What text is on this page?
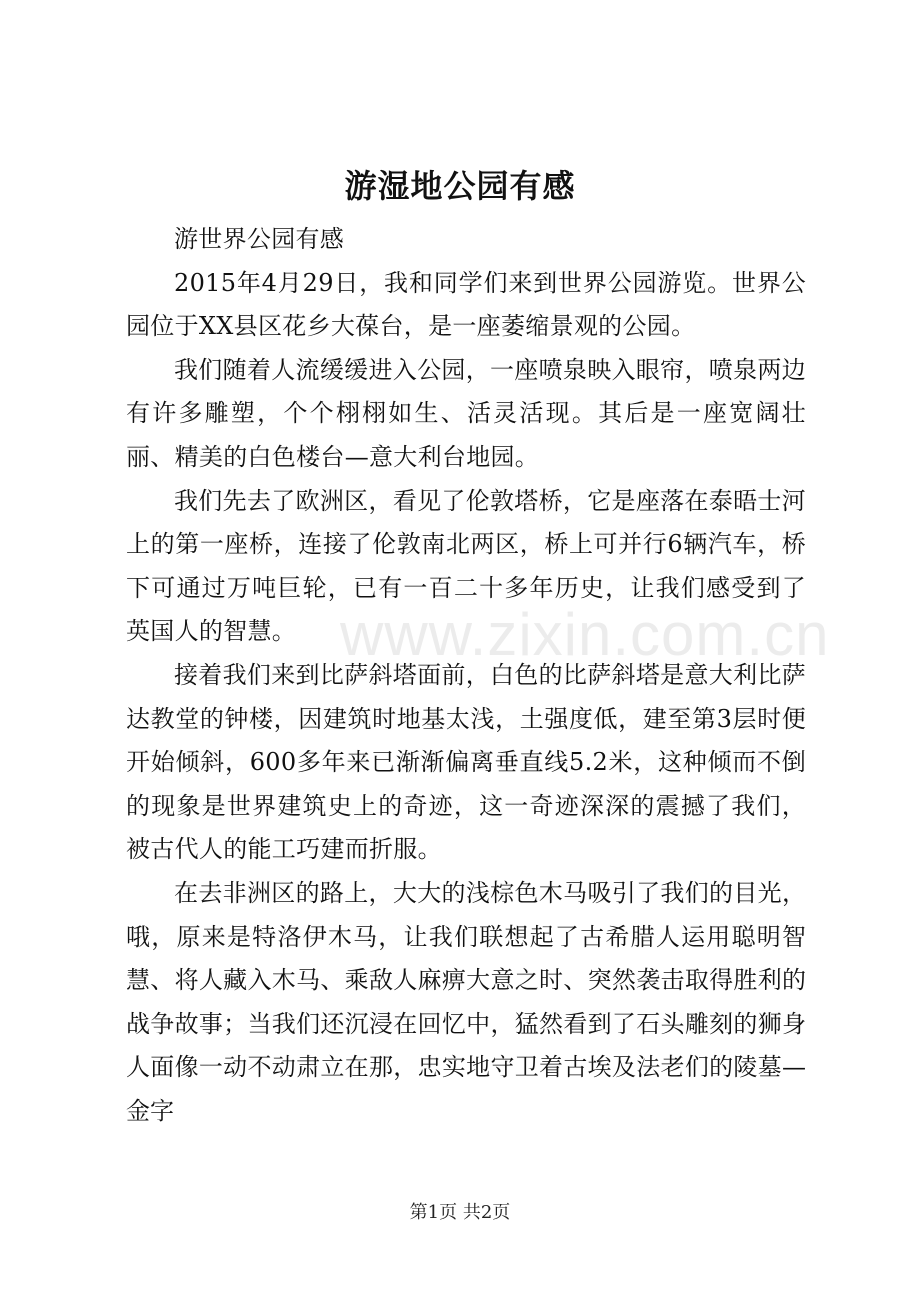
游湿地公园有感

游世界公园有感

2015年4月29日，我和同学们来到世界公园游览。世界公园位于XX县区花乡大葆台，是一座萎缩景观的公园。

我们随着人流缓缓进入公园，一座喷泉映入眼帘，喷泉两边有许多雕塑，个个栩栩如生、活灵活现。其后是一座宽阔壮丽、精美的白色楼台—意大利台地园。

我们先去了欧洲区，看见了伦敦塔桥，它是座落在泰晤士河上的第一座桥，连接了伦敦南北两区，桥上可并行6辆汽车，桥下可通过万吨巨轮，已有一百二十多年历史，让我们感受到了英国人的智慧。

接着我们来到比萨斜塔面前，白色的比萨斜塔是意大利比萨达教堂的钟楼，因建筑时地基太浅，土强度低，建至第3层时便开始倾斜，600多年来已渐渐偏离垂直线5.2米，这种倾而不倒的现象是世界建筑史上的奇迹，这一奇迹深深的震撼了我们，被古代人的能工巧建而折服。

在去非洲区的路上，大大的浅棕色木马吸引了我们的目光，哦，原来是特洛伊木马，让我们联想起了古希腊人运用聪明智慧、将人藏入木马、乘敌人麻痹大意之时、突然袭击取得胜利的战争故事；当我们还沉浸在回忆中，猛然看到了石头雕刻的狮身人面像一动不动肃立在那，忠实地守卫着古埃及法老们的陵墓—金字

www.zixin.com.cn
第1页 共2页
